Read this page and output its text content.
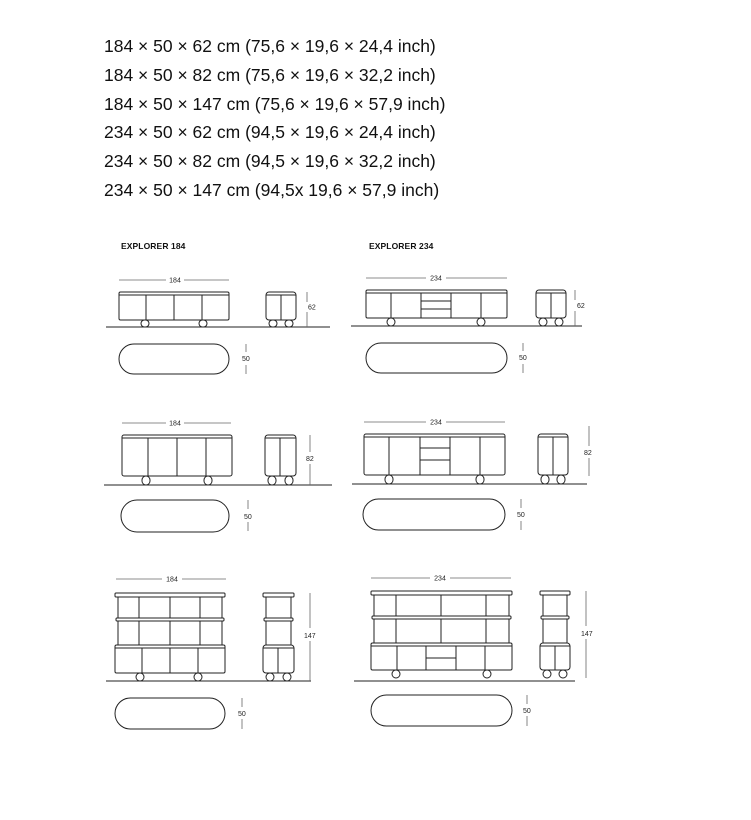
184 × 50 × 62 cm (75,6 × 19,6 × 24,4 inch)
184 × 50 × 82 cm (75,6 × 19,6 × 32,2 inch)
184 × 50 × 147 cm (75,6 × 19,6 × 57,9 inch)
234 × 50 × 62 cm (94,5 × 19,6 × 24,4 inch)
234 × 50 × 82 cm (94,5 × 19,6 × 32,2 inch)
234 × 50 × 147 cm (94,5x 19,6 × 57,9 inch)
EXPLORER 184	EXPLORER 234
184
62
50
234
62
50
184
82
50
234
82
50
184
147
50
234
147
50
